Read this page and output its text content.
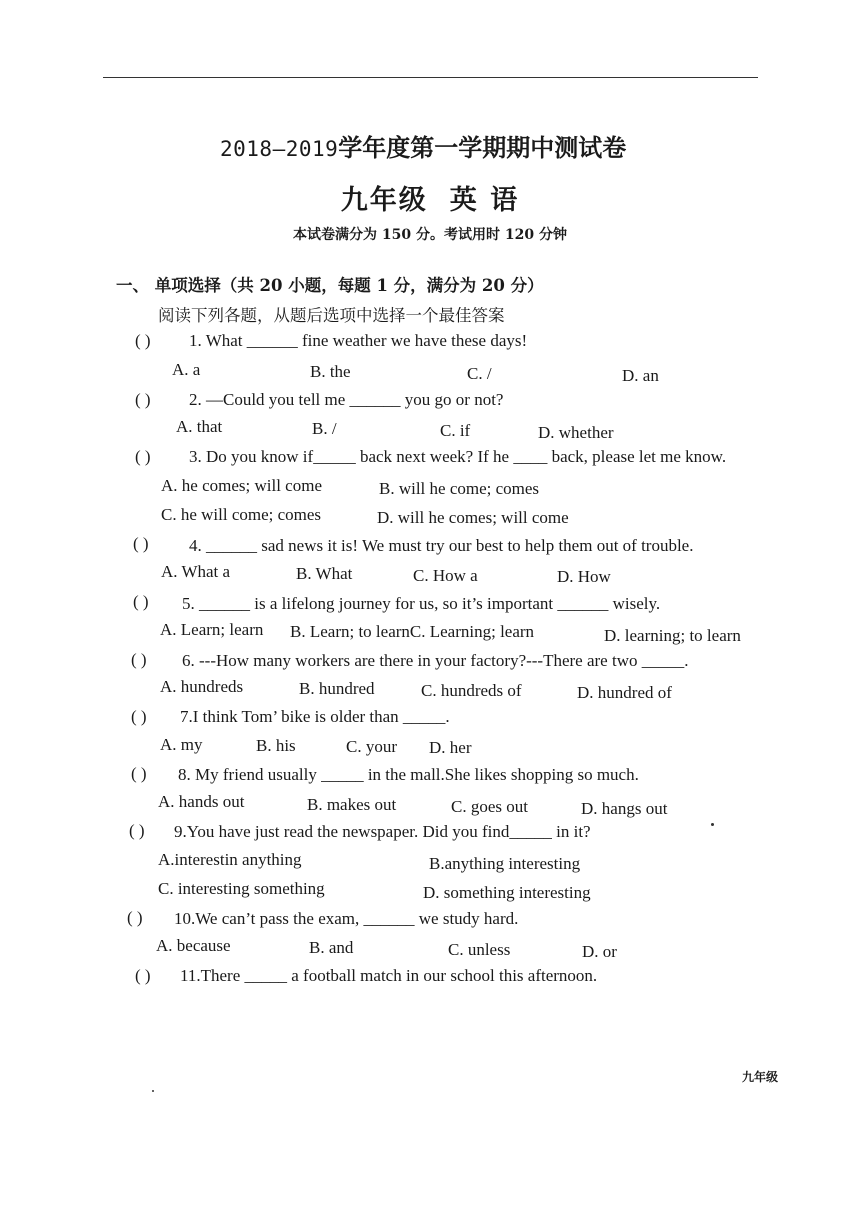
2018—2019学年度第一学期期中测试卷
九年级 英 语
本试卷满分为 150 分。考试用时 120 分钟
一、 单项选择（共 20 小题，每题 1 分，满分为 20 分）
阅读下列各题，从题后选项中选择一个最佳答案
( ) 1. What ______ fine weather we have these days!
A. a	B. the	C. /	D. an
( ) 2. —Could you tell me ______ you go or not?
A. that	B. /	C. if	D. whether
( ) 3. Do you know if_____ back next week? If he ____ back, please let me know.
A. he comes; will come	B. will he come; comes
C. he will come; comes	D. will he comes; will come
( ) 4. ______ sad news it is! We must try our best to help them out of trouble.
A. What a	B. What	C. How a	D. How
( ) 5. ______ is a lifelong journey for us, so it’s important ______ wisely.
A. Learn; learn B. Learn; to learnC. Learning; learn	D. learning; to learn
( ) 6. ---How many workers are there in your factory?---There are two _____.
A. hundreds	B. hundred	C. hundreds of	D. hundred of
( ) 7.I think Tom’ bike is older than _____.
A. my	B. his	C. your D. her
( ) 8. My friend usually _____ in the mall.She likes shopping so much.
A. hands out	B. makes out	C. goes out	D. hangs out
( ) 9.You have just read the newspaper. Did you find_____ in it?
A.interestin anything	B.anything interesting
C. interesting something	D. something interesting
( ) 10.We can’t pass the exam, ______ we study hard.
A. because	B. and	C. unless	D. or
( ) 11.There _____ a football match in our school this afternoon.
九年级
